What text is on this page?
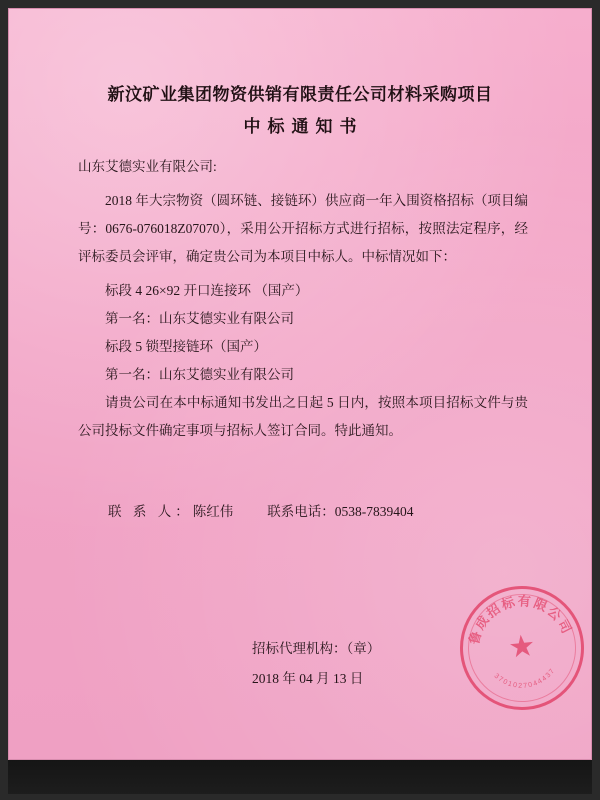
新汶矿业集团物资供销有限责任公司材料采购项目
中标通知书

山东艾德实业有限公司:

2018 年大宗物资（圆环链、接链环）供应商一年入围资格招标（项目编号：0676-076018Z07070），采用公开招标方式进行招标，按照法定程序，经评标委员会评审，确定贵公司为本项目中标人。中标情况如下：

标段 4 26×92 开口连接环 （国产）

第一名：山东艾德实业有限公司

标段 5 锁型接链环（国产）

第一名：山东艾德实业有限公司

请贵公司在本中标通知书发出之日起 5 日内，按照本项目招标文件与贵公司投标文件确定事项与招标人签订合同。特此通知。

联 系 人：陈红伟	联系电话：0538-7839404
鲁成招标有限公司
3701027044437
★
招标代理机构：（章）
2018 年 04 月 13 日
